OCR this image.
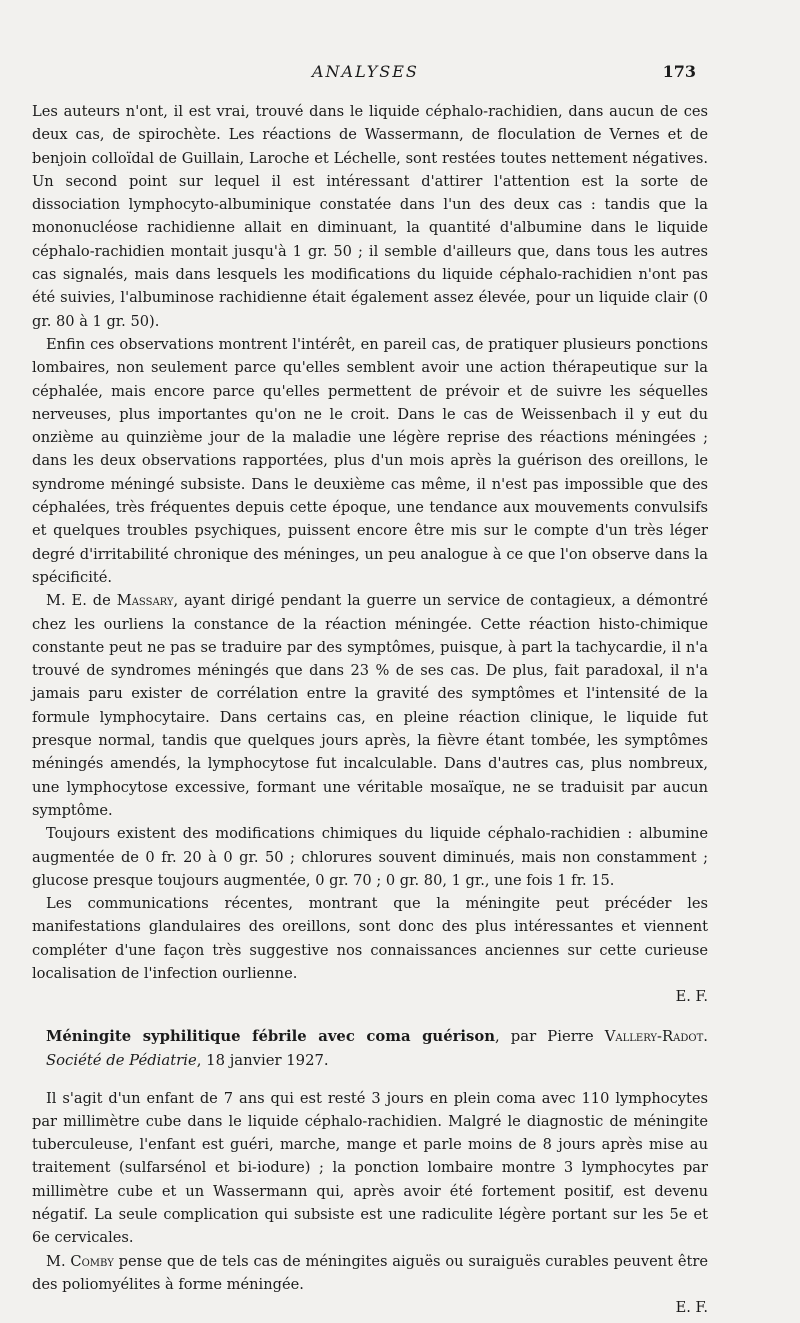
ANALYSES	173

Les auteurs n'ont, il est vrai, trouvé dans le liquide céphalo-rachidien, dans aucun de ces deux cas, de spirochète. Les réactions de Wassermann, de floculation de Vernes et de benjoin colloïdal de Guillain, Laroche et Léchelle, sont restées toutes nettement négatives. Un second point sur lequel il est intéressant d'attirer l'attention est la sorte de dissociation lymphocyto-albuminique constatée dans l'un des deux cas : tandis que la mononucléose rachidienne allait en diminuant, la quantité d'albumine dans le liquide céphalo-rachidien montait jusqu'à 1 gr. 50 ; il semble d'ailleurs que, dans tous les autres cas signalés, mais dans lesquels les modifications du liquide céphalo-rachidien n'ont pas été suivies, l'albuminose rachidienne était également assez élevée, pour un liquide clair (0 gr. 80 à 1 gr. 50).

Enfin ces observations montrent l'intérêt, en pareil cas, de pratiquer plusieurs ponctions lombaires, non seulement parce qu'elles semblent avoir une action thérapeutique sur la céphalée, mais encore parce qu'elles permettent de prévoir et de suivre les séquelles nerveuses, plus importantes qu'on ne le croit. Dans le cas de Weissenbach il y eut du onzième au quinzième jour de la maladie une légère reprise des réactions méningées ; dans les deux observations rapportées, plus d'un mois après la guérison des oreillons, le syndrome méningé subsiste. Dans le deuxième cas même, il n'est pas impossible que des céphalées, très fréquentes depuis cette époque, une tendance aux mouvements convulsifs et quelques troubles psychiques, puissent encore être mis sur le compte d'un très léger degré d'irritabilité chronique des méninges, un peu analogue à ce que l'on observe dans la spécificité.

M. E. de Massary, ayant dirigé pendant la guerre un service de contagieux, a démontré chez les ourliens la constance de la réaction méningée. Cette réaction histo-chimique constante peut ne pas se traduire par des symptômes, puisque, à part la tachycardie, il n'a trouvé de syndromes méningés que dans 23 % de ses cas. De plus, fait paradoxal, il n'a jamais paru exister de corrélation entre la gravité des symptômes et l'intensité de la formule lymphocytaire. Dans certains cas, en pleine réaction clinique, le liquide fut presque normal, tandis que quelques jours après, la fièvre étant tombée, les symptômes méningés amendés, la lymphocytose fut incalculable. Dans d'autres cas, plus nombreux, une lymphocytose excessive, formant une véritable mosaïque, ne se traduisit par aucun symptôme.

Toujours existent des modifications chimiques du liquide céphalo-rachidien : albumine augmentée de 0 fr. 20 à 0 gr. 50 ; chlorures souvent diminués, mais non constamment ; glucose presque toujours augmentée, 0 gr. 70 ; 0 gr. 80, 1 gr., une fois 1 fr. 15.

Les communications récentes, montrant que la méningite peut précéder les manifestations glandulaires des oreillons, sont donc des plus intéressantes et viennent compléter d'une façon très suggestive nos connaissances anciennes sur cette curieuse localisation de l'infection ourlienne.
E. F.

Méningite syphilitique fébrile avec coma guérison, par Pierre Vallery-Radot. Société de Pédiatrie, 18 janvier 1927.

Il s'agit d'un enfant de 7 ans qui est resté 3 jours en plein coma avec 110 lymphocytes par millimètre cube dans le liquide céphalo-rachidien. Malgré le diagnostic de méningite tuberculeuse, l'enfant est guéri, marche, mange et parle moins de 8 jours après mise au traitement (sulfarsénol et bi-iodure) ; la ponction lombaire montre 3 lymphocytes par millimètre cube et un Wassermann qui, après avoir été fortement positif, est devenu négatif. La seule complication qui subsiste est une radiculite légère portant sur les 5e et 6e cervicales.

M. Comby pense que de tels cas de méningites aiguës ou suraiguës curables peuvent être des poliomyélites à forme méningée.
E. F.
